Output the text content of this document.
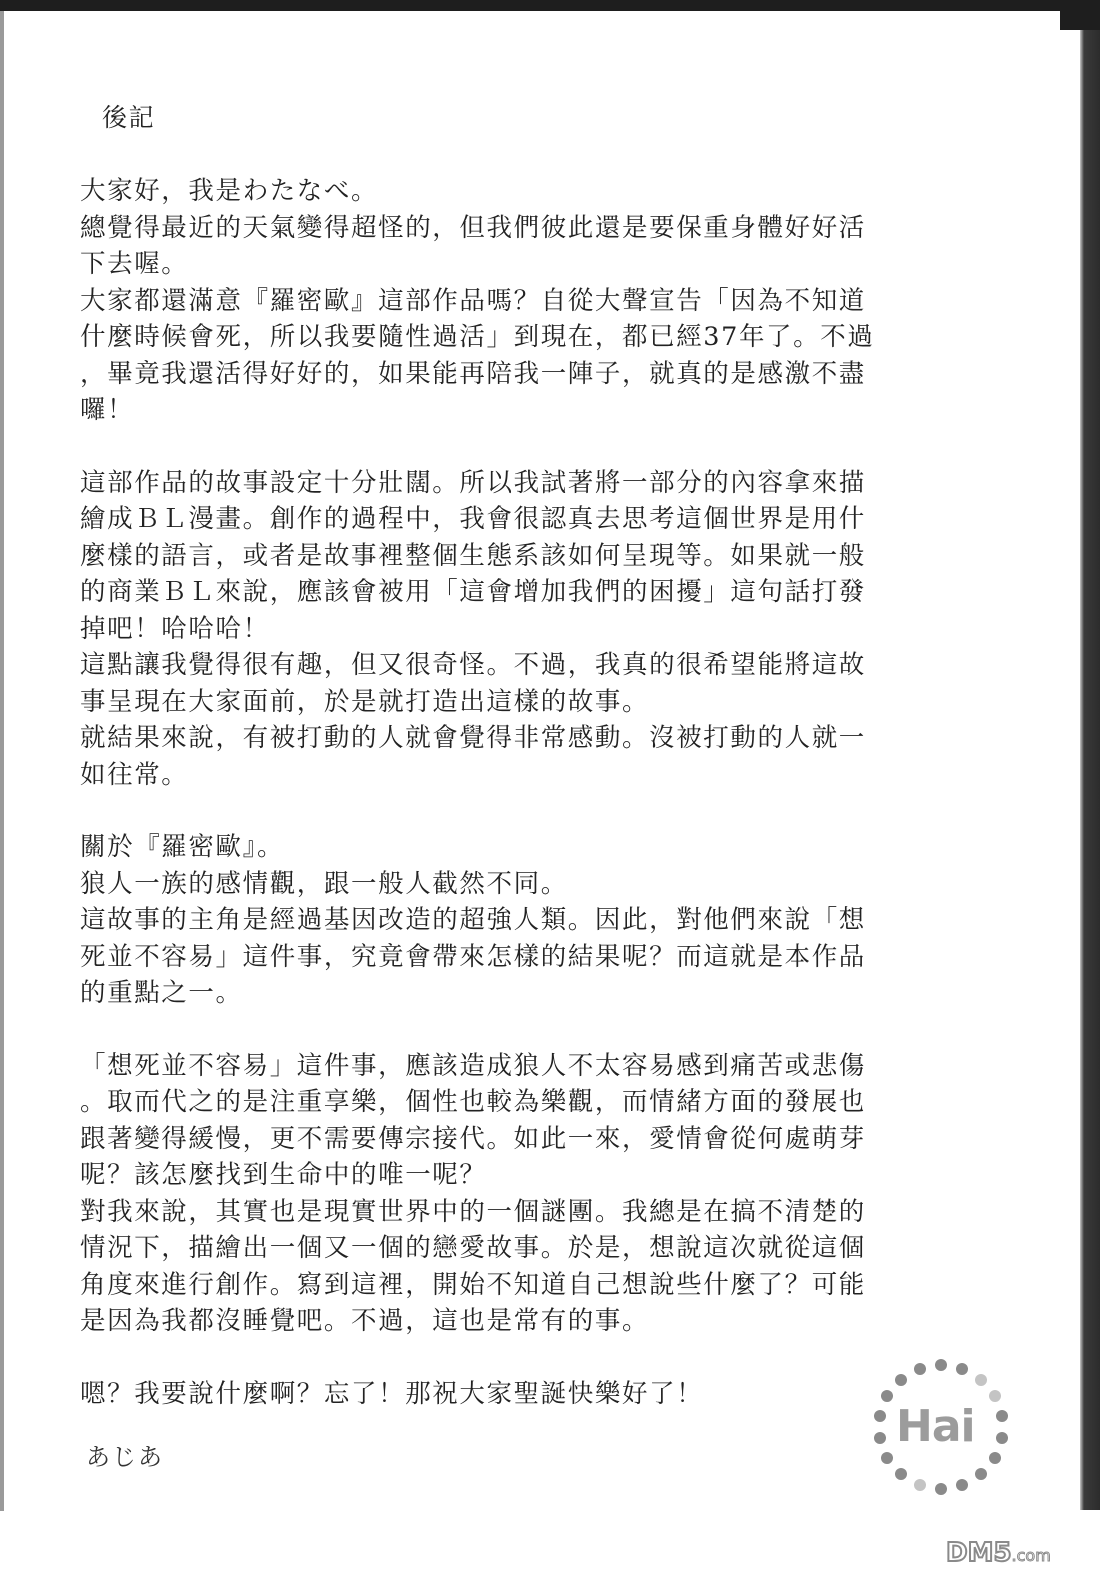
後記
大家好，我是わたなべ。
總覺得最近的天氣變得超怪的，但我們彼此還是要保重身體好好活
下去喔。
大家都還滿意『羅密歐』這部作品嗎？自從大聲宣告「因為不知道
什麼時候會死，所以我要隨性過活」到現在，都已經37年了。不過
，畢竟我還活得好好的，如果能再陪我一陣子，就真的是感激不盡
囉！
這部作品的故事設定十分壯闊。所以我試著將一部分的內容拿來描
繪成ＢＬ漫畫。創作的過程中，我會很認真去思考這個世界是用什
麼樣的語言，或者是故事裡整個生態系該如何呈現等。如果就一般
的商業ＢＬ來說，應該會被用「這會增加我們的困擾」這句話打發
掉吧！哈哈哈！
這點讓我覺得很有趣，但又很奇怪。不過，我真的很希望能將這故
事呈現在大家面前，於是就打造出這樣的故事。
就結果來說，有被打動的人就會覺得非常感動。沒被打動的人就一
如往常。
關於『羅密歐』。
狼人一族的感情觀，跟一般人截然不同。
這故事的主角是經過基因改造的超強人類。因此，對他們來說「想
死並不容易」這件事，究竟會帶來怎樣的結果呢？而這就是本作品
的重點之一。
「想死並不容易」這件事，應該造成狼人不太容易感到痛苦或悲傷
。取而代之的是注重享樂，個性也較為樂觀，而情緒方面的發展也
跟著變得緩慢，更不需要傳宗接代。如此一來，愛情會從何處萌芽
呢？該怎麼找到生命中的唯一呢？
對我來說，其實也是現實世界中的一個謎團。我總是在搞不清楚的
情況下，描繪出一個又一個的戀愛故事。於是，想說這次就從這個
角度來進行創作。寫到這裡，開始不知道自己想說些什麼了？可能
是因為我都沒睡覺吧。不過，這也是常有的事。
嗯？我要說什麼啊？忘了！那祝大家聖誕快樂好了！
あじあ
Hai
DM5.com
